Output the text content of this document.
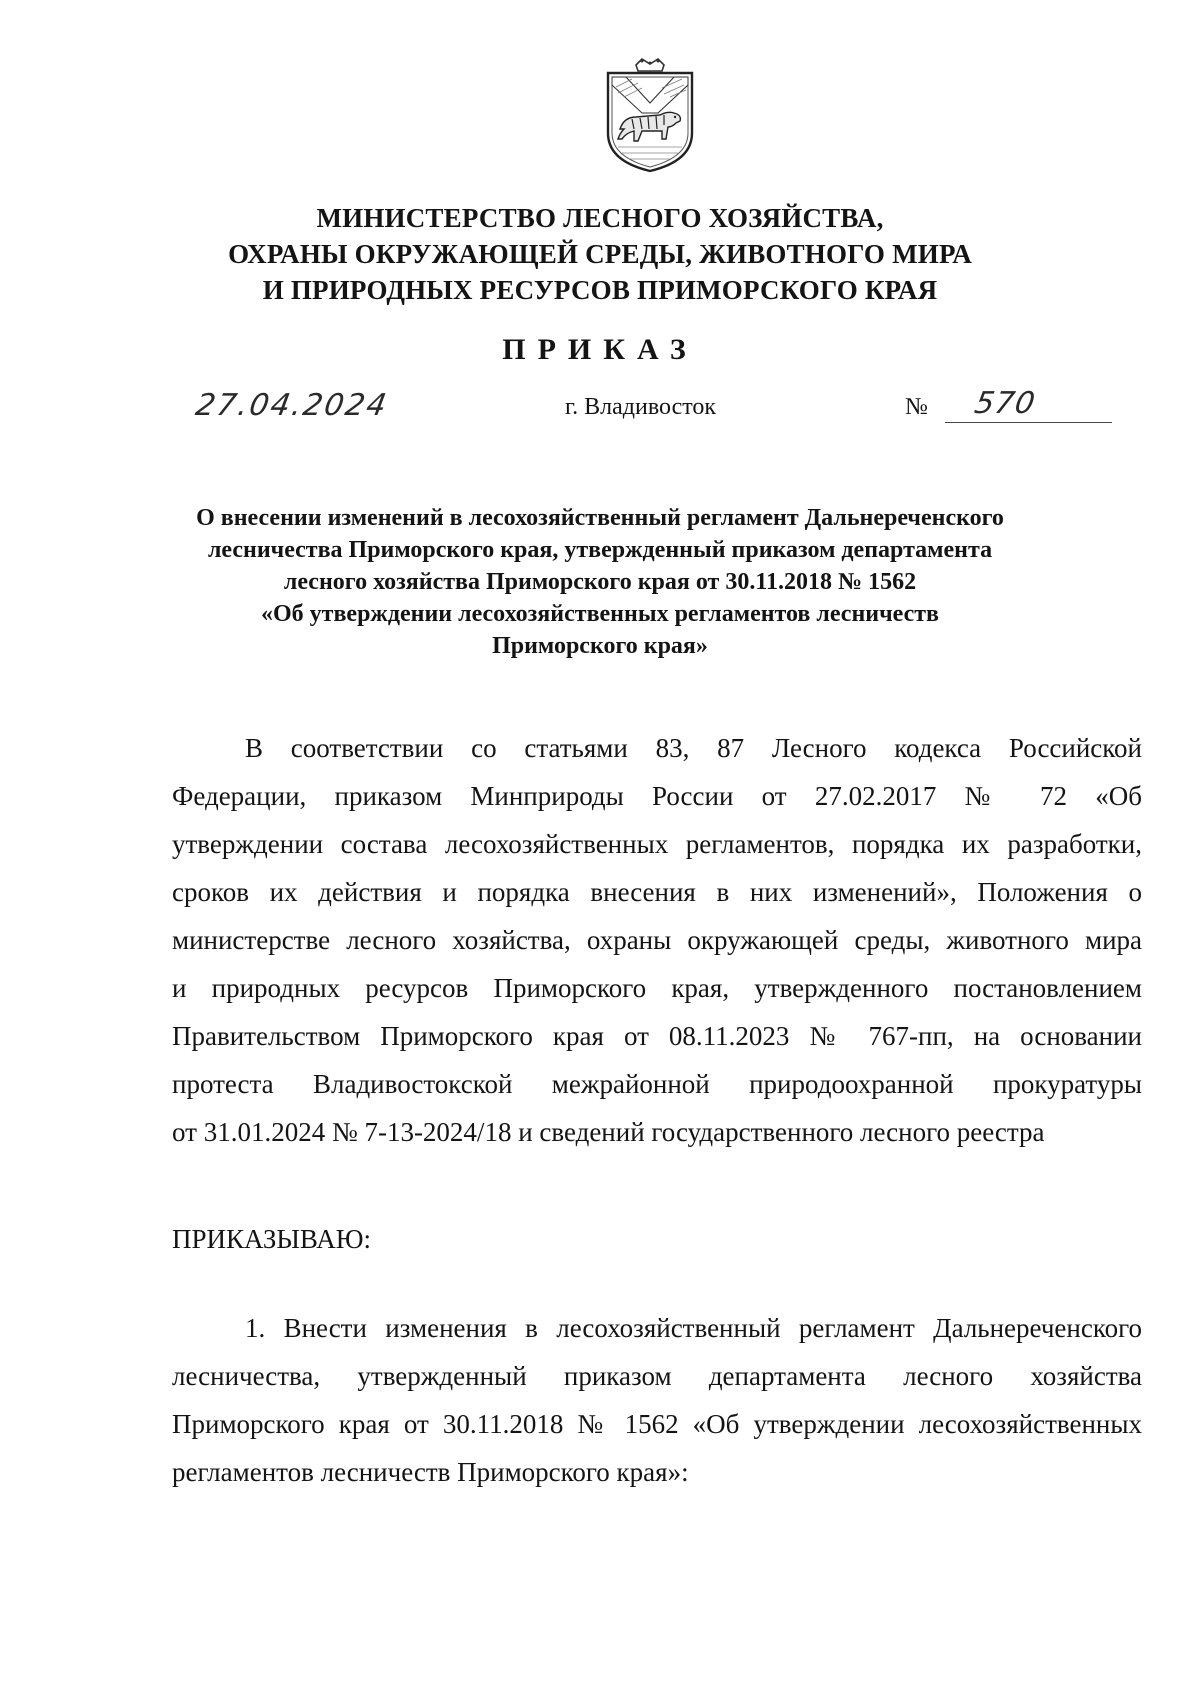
МИНИСТЕРСТВО ЛЕСНОГО ХОЗЯЙСТВА,
ОХРАНЫ ОКРУЖАЮЩЕЙ СРЕДЫ, ЖИВОТНОГО МИРА
И ПРИРОДНЫХ РЕСУРСОВ ПРИМОРСКОГО КРАЯ
ПРИКАЗ
27.04.2024	г. Владивосток	№ 570
О внесении изменений в лесохозяйственный регламент Дальнереченского
лесничества Приморского края, утвержденный приказом департамента
лесного хозяйства Приморского края от 30.11.2018 № 1562
«Об утверждении лесохозяйственных регламентов лесничеств
Приморского края»
В соответствии со статьями 83, 87 Лесного кодекса Российской
Федерации, приказом Минприроды России от 27.02.2017 № 72 «Об
утверждении состава лесохозяйственных регламентов, порядка их разработки,
сроков их действия и порядка внесения в них изменений», Положения о
министерстве лесного хозяйства, охраны окружающей среды, животного мира
и природных ресурсов Приморского края, утвержденного постановлением
Правительством Приморского края от 08.11.2023 № 767-пп, на основании
протеста Владивостокской межрайонной природоохранной прокуратуры
от 31.01.2024 № 7-13-2024/18 и сведений государственного лесного реестра
ПРИКАЗЫВАЮ:
1. Внести изменения в лесохозяйственный регламент Дальнереченского
лесничества, утвержденный приказом департамента лесного хозяйства
Приморского края от 30.11.2018 № 1562 «Об утверждении лесохозяйственных
регламентов лесничеств Приморского края»:
